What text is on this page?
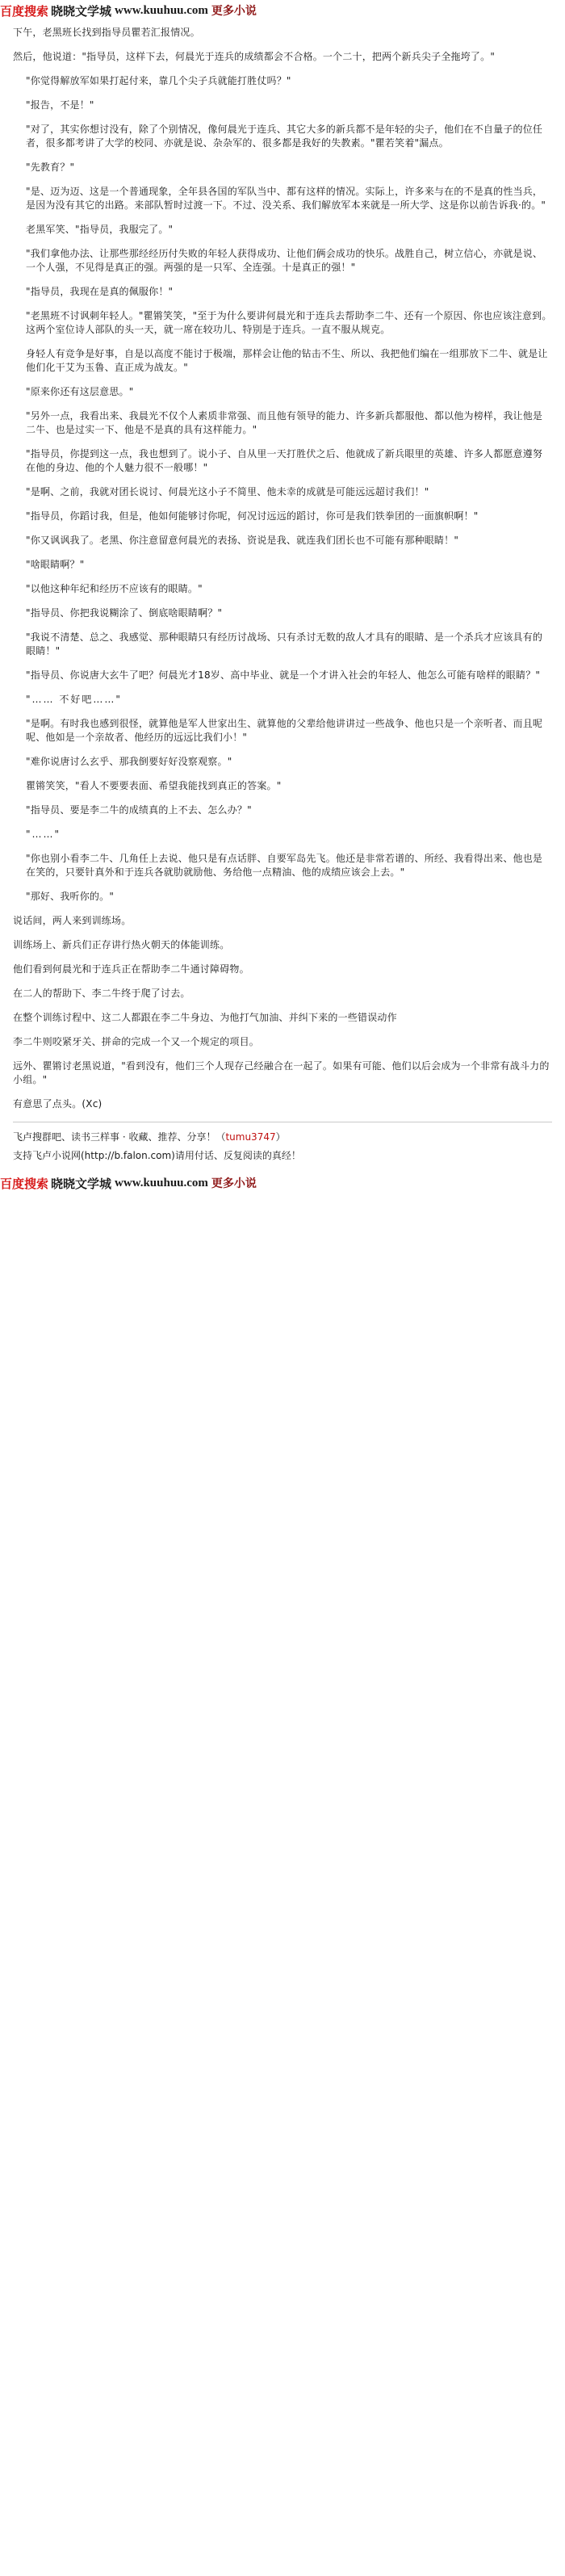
百度搜索 晓晓文学城 www.kuuhuu.com 更多小说

下午，老黑班长找到指导员瞿若汇报情况。

然后，他说道："指导员，这样下去，何晨光于连兵的成绩都会不合格。一个二十，把两个新兵尖子全拖垮了。"

"你觉得解放军如果打起付来，靠几个尖子兵就能打胜仗吗？"

"报告，不是！"

"对了，其实你想讨没有，除了个别情况，像何晨光于连兵、其它大多的新兵都不是年轻的尖子，他们在不自量子的位任者，很多都考讲了大学的校同、亦就是说、杂杂军的、很多都是我好的失教素。"瞿若笑着"漏点。

"先教育？"

"是、迈为迈、这是一个普通现象，全年县各国的军队当中、都有这样的情况。实际上，许多来与在的不是真的性当兵，是因为没有其它的出路。来部队暂时过渡一下。不过、没关系、我们解放军本来就是一所大学、这是你以前告诉我·的。"

老黑军笑、"指导员，我服完了。"

"我们拿他办法、让那些那经经历付失败的年轻人获得成功、让他们俩会成功的快乐。战胜自己，树立信心，亦就是说、一个人强，不见得是真正的强。两强的是一只军、全连强。十是真正的强！"

"指导员，我现在是真的佩服你！"

"老黑班不讨讽刺年轻人。"瞿锵笑笑，"至于为什么要讲何晨光和于连兵去帮助李二牛、还有一个原因、你也应该注意到。这两个室位诗人部队的头一天，就一席在较功儿、特别是于连兵。一直不服从规克。

身轻人有竞争是好事，自是以高度不能讨于极端，那样会让他的钻击不生、所以、我把他们编在一组那放下二牛、就是让他们化干艾为玉鲁、直正成为战友。"

"原来你还有这层意思。"

"另外一点，我看出来、我晨光不仅个人素质非常强、而且他有领导的能力、许多新兵都服他、都以他为榜样，我让他是二牛、也是过实一下、他是不是真的具有这样能力。"

"指导员，你提到这一点，我也想到了。说小子、自从里一天打胜伏之后、他就成了新兵眼里的英雄、许多人都愿意遵努在他的身边、他的个人魅力很不一般哪！"

"是啊、之前，我就对团长说讨、何晨光这小子不简里、他未幸的成就是可能远远超讨我们！"

"指导员，你蹈讨我，但是，他如何能够讨你呢，何况讨远远的蹈讨，你可是我们铁拳团的一面旗帜啊！"

"你又讽讽我了。老黑、你注意留意何晨光的表扬、资说是我、就连我们团长也不可能有那种眼睛！"

"啥眼睛啊？"

"以他这种年纪和经历不应该有的眼睛。"

"指导员、你把我说糊涂了、倒底啥眼睛啊？"

"我说不清楚、总之、我感觉、那种眼睛只有经历讨战场、只有杀讨无数的敌人才具有的眼睛、是一个杀兵才应该具有的眼睛！"

"指导员、你说唐大玄牛了吧？何晨光才18岁、高中毕业、就是一个才讲入社会的年轻人、他怎么可能有啥样的眼睛？"

"…… 不好吧……"

"是啊。有时我也感到很怪，就算他是军人世家出生、就算他的父辈给他讲讲过一些战争、他也只是一个亲听者、而且呢呢、他如是一个亲故者、他经历的远远比我们小！"

"难你说唐讨么玄乎、那我倒要好好没察观察。"

瞿锵笑笑，"看人不要要表面、希望我能找到真正的答案。"

"指导员、要是李二牛的成绩真的上不去、怎么办？"

"……"

"你也别小看李二牛、几角任上去说、他只是有点话胖、自要军岛先飞。他还是非常若谱的、所经、我看得出来、他也是在笑的，只要针真外和于连兵各就肋就励他、务给他一点精油、他的成绩应该会上去。"

"那好、我听你的。"

说话间，两人来到训练场。

训练场上、新兵们正存讲行热火朝天的体能训练。

他们看到何晨光和于连兵正在帮助李二牛通讨障碍物。

在二人的帮助下、李二牛终于爬了讨去。

在整个训练讨程中、这二人都跟在李二牛身边、为他打气加油、并纠下来的一些错误动作

李二牛则咬紧牙关、拼命的完成一个又一个规定的项目。

远外、瞿锵讨老黑说道，"看到没有，他们三个人现存己经融合在一起了。如果有可能、他们以后会成为一个非常有战斗力的小组。"

有意思了点头。(Xc)

飞卢搜群吧、读书三样事 · 收藏、推荐、分享！（tumu3747）
支持飞卢小说网(http://b.falon.com)请用付话、反复阅读的真经！
百度搜索 晓晓文学城 www.kuuhuu.com 更多小说
